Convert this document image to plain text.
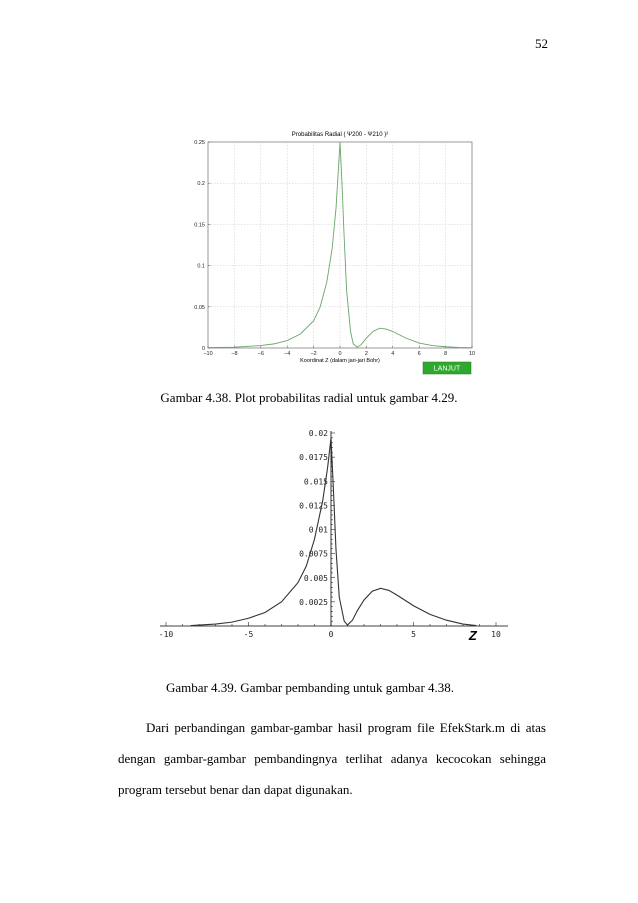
52
−10	−8	−6	−4	−2	0	2	4	6	8	10
0
0.05
0.1
0.15
0.2
0.25
Probabilitas Radial ( Ψ200 - Ψ210 )²
Koordinat Z (dalam jari-jari Bohr)
LANJUT
Gambar 4.38. Plot probabilitas radial untuk gambar 4.29.
-10	-5	0	5	10
0.0025
0.005
0.0075
0.01
0.0125
0.015
0.0175
0.02
Z
Gambar 4.39. Gambar pembanding untuk gambar 4.38.

Dari perbandingan gambar-gambar hasil program file EfekStark.m di atas dengan gambar-gambar pembandingnya terlihat adanya kecocokan sehingga program tersebut benar dan dapat digunakan.
